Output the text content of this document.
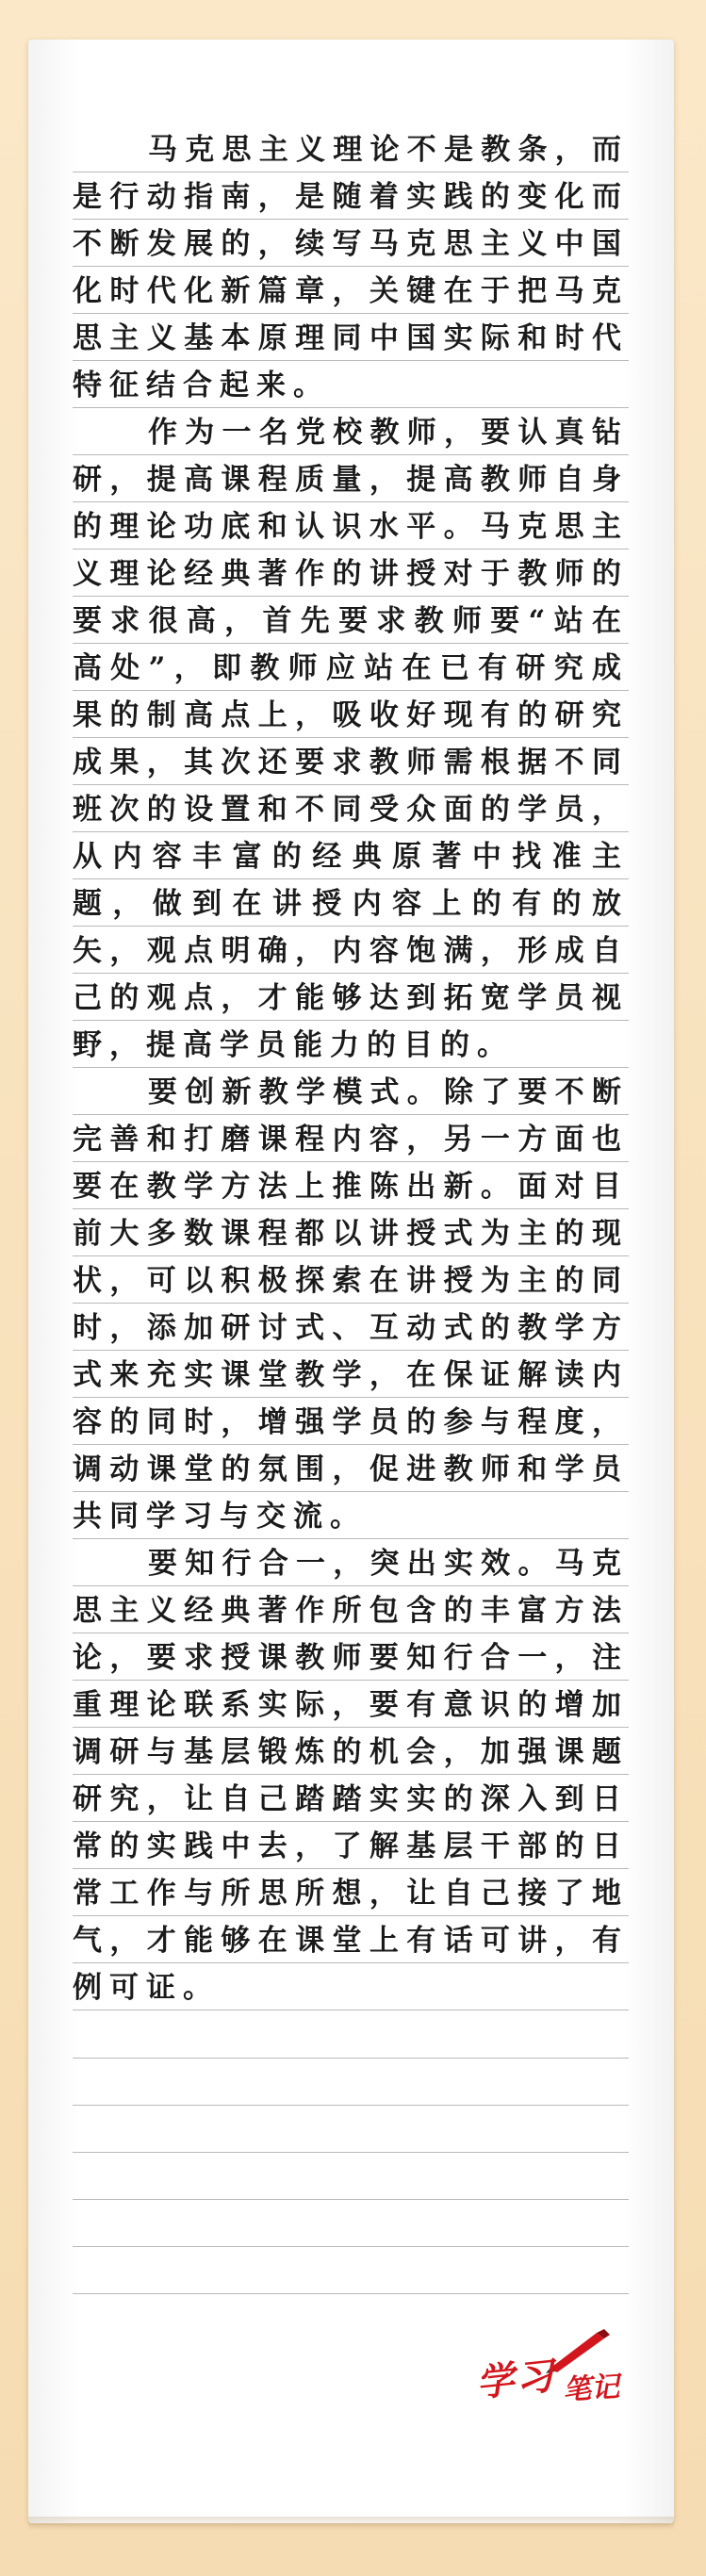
马克思主义理论不是教条，而是行动指南，是随着实践的变化而不断发展的，续写马克思主义中国化时代化新篇章，关键在于把马克思主义基本原理同中国实际和时代特征结合起来。

作为一名党校教师，要认真钻研，提高课程质量，提高教师自身的理论功底和认识水平。马克思主义理论经典著作的讲授对于教师的要求很高，首先要求教师要“站在高处”，即教师应站在已有研究成果的制高点上，吸收好现有的研究成果，其次还要求教师需根据不同班次的设置和不同受众面的学员，从内容丰富的经典原著中找准主题，做到在讲授内容上的有的放矢，观点明确，内容饱满，形成自己的观点，才能够达到拓宽学员视野，提高学员能力的目的。

要创新教学模式。除了要不断完善和打磨课程内容，另一方面也要在教学方法上推陈出新。面对目前大多数课程都以讲授式为主的现状，可以积极探索在讲授为主的同时，添加研讨式、互动式的教学方式来充实课堂教学，在保证解读内容的同时，增强学员的参与程度，调动课堂的氛围，促进教师和学员共同学习与交流。

要知行合一，突出实效。马克思主义经典著作所包含的丰富方法论，要求授课教师要知行合一，注重理论联系实际，要有意识的增加调研与基层锻炼的机会，加强课题研究，让自己踏踏实实的深入到日常的实践中去，了解基层干部的日常工作与所思所想，让自己接了地气，才能够在课堂上有话可讲，有例可证。

学习 笔记
